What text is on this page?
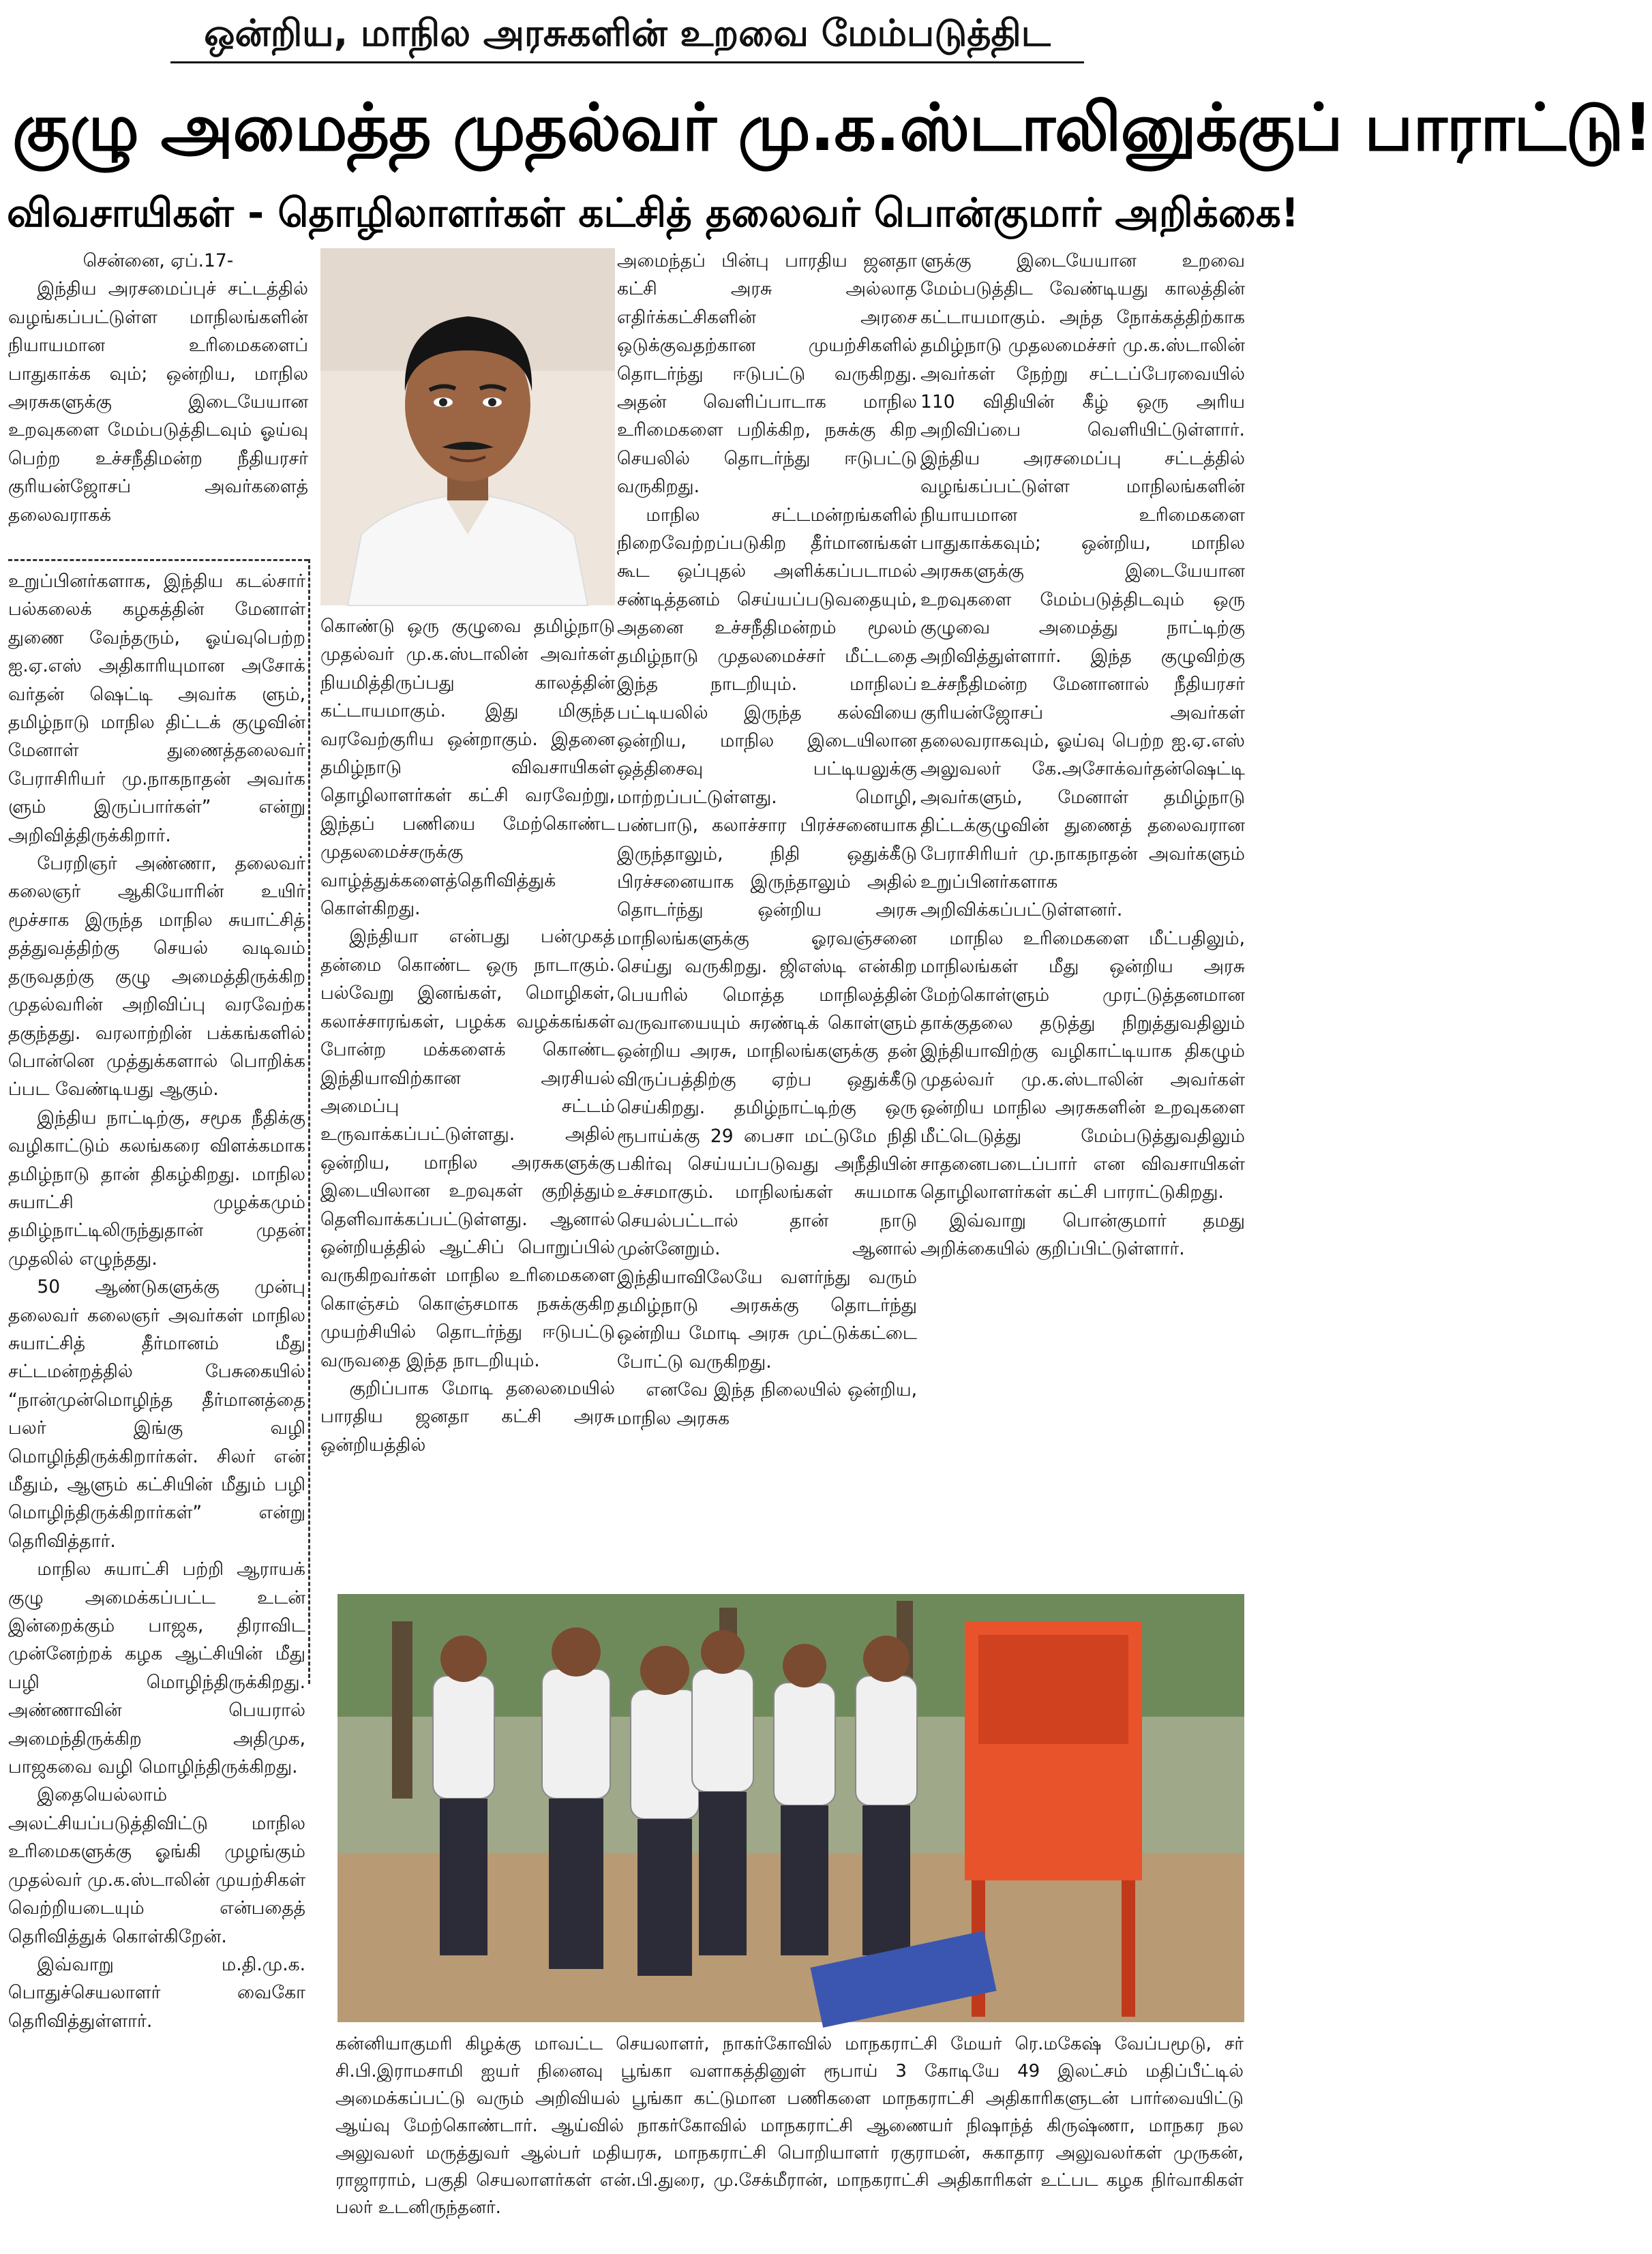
ஒன்றிய, மாநில அரசுகளின் உறவை மேம்படுத்திட
குழு அமைத்த முதல்வர் மு.க.ஸ்டாலினுக்குப் பாராட்டு!
விவசாயிகள் - தொழிலாளர்கள் கட்சித் தலைவர் பொன்குமார் அறிக்கை!

சென்னை, ஏப்.17-

இந்திய அரசமைப்புச் சட்டத்தில் வழங்கப்பட்டுள்ள மாநிலங்களின் நியாயமான உரிமைகளைப் பாதுகாக்க வும்; ஒன்றிய, மாநில அரசுகளுக்கு இடையேயான உறவுகளை மேம்படுத்திடவும் ஓய்வு பெற்ற உச்சநீதிமன்ற நீதியரசர் குரியன்ஜோசப் அவர்களைத் தலைவராகக்

உறுப்பினர்களாக, இந்திய கடல்சார் பல்கலைக் கழகத்தின் மேனாள் துணை வேந்தரும், ஓய்வுபெற்ற ஐ.ஏ.எஸ் அதிகாரியுமான அசோக் வர்தன் ஷெட்டி அவர்க ளும், தமிழ்நாடு மாநில திட்டக் குழுவின் மேனாள் துணைத்தலைவர் பேராசிரியர் மு.நாகநாதன் அவர்க ளும் இருப்பார்கள்” என்று அறிவித்திருக்கிறார்.

பேரறிஞர் அண்ணா, தலைவர் கலைஞர் ஆகியோரின் உயிர் மூச்சாக இருந்த மாநில சுயாட்சித் தத்துவத்திற்கு செயல் வடிவம் தருவதற்கு குழு அமைத்திருக்கிற முதல்வரின் அறிவிப்பு வரவேற்க தகுந்தது. வரலாற்றின் பக்கங்களில் பொன்னெ முத்துக்களால் பொறிக்க ப்பட வேண்டியது ஆகும்.

இந்திய நாட்டிற்கு, சமூக நீதிக்கு வழிகாட்டும் கலங்கரை விளக்கமாக தமிழ்நாடு தான் திகழ்கிறது. மாநில சுயாட்சி முழக்கமும் தமிழ்நாட்டிலிருந்துதான் முதன் முதலில் எழுந்தது.

50 ஆண்டுகளுக்கு முன்பு தலைவர் கலைஞர் அவர்கள் மாநில சுயாட்சித் தீர்மானம் மீது சட்டமன்றத்தில் பேசுகையில் “நான்முன்மொழிந்த தீர்மானத்தை பலர் இங்கு வழி மொழிந்திருக்கிறார்கள். சிலர் என் மீதும், ஆளும் கட்சியின் மீதும் பழி மொழிந்திருக்கிறார்கள்” என்று தெரிவித்தார்.

மாநில சுயாட்சி பற்றி ஆராயக் குழு அமைக்கப்பட்ட உடன் இன்றைக்கும் பாஜக, திராவிட முன்னேற்றக் கழக ஆட்சியின் மீது பழி மொழிந்திருக்கிறது. அண்ணாவின் பெயரால் அமைந்திருக்கிற அதிமுக, பாஜகவை வழி மொழிந்திருக்கிறது.

இதையெல்லாம் அலட்சியப்படுத்திவிட்டு மாநில உரிமைகளுக்கு ஓங்கி முழங்கும் முதல்வர் மு.க.ஸ்டாலின் முயற்சிகள் வெற்றியடையும் என்பதைத் தெரிவித்துக் கொள்கிறேன்.

இவ்வாறு ம.தி.மு.க. பொதுச்செயலாளர் வைகோ தெரிவித்துள்ளார்.

கொண்டு ஒரு குழுவை தமிழ்நாடு முதல்வர் மு.க.ஸ்டாலின் அவர்கள் நியமித்திருப்பது காலத்தின் கட்டாயமாகும். இது மிகுந்த வரவேற்குரிய ஒன்றாகும். இதனை தமிழ்நாடு விவசாயிகள் தொழிலாளர்கள் கட்சி வரவேற்று, இந்தப் பணியை மேற்கொண்ட முதலமைச்சருக்கு வாழ்த்துக்களைத்தெரிவித்துக் கொள்கிறது.

இந்தியா என்பது பன்முகத் தன்மை கொண்ட ஒரு நாடாகும். பல்வேறு இனங்கள், மொழிகள், கலாச்சாரங்கள், பழக்க வழக்கங்கள் போன்ற மக்களைக் கொண்ட இந்தியாவிற்கான அரசியல் அமைப்பு சட்டம் உருவாக்கப்பட்டுள்ளது. அதில் ஒன்றிய, மாநில அரசுகளுக்கு இடையிலான உறவுகள் குறித்தும் தெளிவாக்கப்பட்டுள்ளது. ஆனால் ஒன்றியத்தில் ஆட்சிப் பொறுப்பில் வருகிறவர்கள் மாநில உரிமைகளை கொஞ்சம் கொஞ்சமாக நசுக்குகிற முயற்சியில் தொடர்ந்து ஈடுபட்டு வருவதை இந்த நாடறியும்.

குறிப்பாக மோடி தலைமையில் பாரதிய ஜனதா கட்சி அரசு ஒன்றியத்தில்

அமைந்தப் பின்பு பாரதிய ஜனதா கட்சி அரசு அல்லாத எதிர்க்கட்சிகளின் அரசை ஒடுக்குவதற்கான முயற்சிகளில் தொடர்ந்து ஈடுபட்டு வருகிறது. அதன் வெளிப்பாடாக மாநில உரிமைகளை பறிக்கிற, நசுக்கு கிற செயலில் தொடர்ந்து ஈடுபட்டு வருகிறது.

மாநில சட்டமன்றங்களில் நிறைவேற்றப்படுகிற தீர்மானங்கள் கூட ஒப்புதல் அளிக்கப்படாமல் சண்டித்தனம் செய்யப்படுவதையும், அதனை உச்சநீதிமன்றம் மூலம் தமிழ்நாடு முதலமைச்சர் மீட்டதை இந்த நாடறியும். மாநிலப் பட்டியலில் இருந்த கல்வியை ஒன்றிய, மாநில இடையிலான ஒத்திசைவு பட்டியலுக்கு மாற்றப்பட்டுள்ளது. மொழி, பண்பாடு, கலாச்சார பிரச்சனையாக இருந்தாலும், நிதி ஒதுக்கீடு பிரச்சனையாக இருந்தாலும் அதில் தொடர்ந்து ஒன்றிய அரசு மாநிலங்களுக்கு ஓரவஞ்சனை செய்து வருகிறது. ஜிஎஸ்டி என்கிற பெயரில் மொத்த மாநிலத்தின் வருவாயையும் சுரண்டிக் கொள்ளும் ஒன்றிய அரசு, மாநிலங்களுக்கு தன் விருப்பத்திற்கு ஏற்ப ஒதுக்கீடு செய்கிறது. தமிழ்நாட்டிற்கு ஒரு ரூபாய்க்கு 29 பைசா மட்டுமே நிதி பகிர்வு செய்யப்படுவது அநீதியின் உச்சமாகும். மாநிலங்கள் சுயமாக செயல்பட்டால் தான் நாடு முன்னேறும். ஆனால் இந்தியாவிலேயே வளர்ந்து வரும் தமிழ்நாடு அரசுக்கு தொடர்ந்து ஒன்றிய மோடி அரசு முட்டுக்கட்டை போட்டு வருகிறது.

எனவே இந்த நிலையில் ஒன்றிய, மாநில அரசுக

ளுக்கு இடையேயான உறவை மேம்படுத்திட வேண்டியது காலத்தின் கட்டாயமாகும். அந்த நோக்கத்திற்காக தமிழ்நாடு முதலமைச்சர் மு.க.ஸ்டாலின் அவர்கள் நேற்று சட்டப்பேரவையில் 110 விதியின் கீழ் ஒரு அரிய அறிவிப்பை வெளியிட்டுள்ளார். இந்திய அரசமைப்பு சட்டத்தில் வழங்கப்பட்டுள்ள மாநிலங்களின் நியாயமான உரிமைகளை பாதுகாக்கவும்; ஒன்றிய, மாநில அரசுகளுக்கு இடையேயான உறவுகளை மேம்படுத்திடவும் ஒரு குழுவை அமைத்து நாட்டிற்கு அறிவித்துள்ளார். இந்த குழுவிற்கு உச்சநீதிமன்ற மேனானால் நீதியரசர் குரியன்ஜோசப் அவர்கள் தலைவராகவும், ஓய்வு பெற்ற ஐ.ஏ.எஸ் அலுவலர் கே.அசோக்வர்தன்ஷெட்டி அவர்களும், மேனாள் தமிழ்நாடு திட்டக்குழுவின் துணைத் தலைவரான பேராசிரியர் மு.நாகநாதன் அவர்களும் உறுப்பினர்களாக அறிவிக்கப்பட்டுள்ளனர்.

மாநில உரிமைகளை மீட்பதிலும், மாநிலங்கள் மீது ஒன்றிய அரசு மேற்கொள்ளும் முரட்டுத்தனமான தாக்குதலை தடுத்து நிறுத்துவதிலும் இந்தியாவிற்கு வழிகாட்டியாக திகழும் முதல்வர் மு.க.ஸ்டாலின் அவர்கள் ஒன்றிய மாநில அரசுகளின் உறவுகளை மீட்டெடுத்து மேம்படுத்துவதிலும் சாதனைபடைப்பார் என விவசாயிகள் தொழிலாளர்கள் கட்சி பாராட்டுகிறது.

இவ்வாறு பொன்குமார் தமது அறிக்கையில் குறிப்பிட்டுள்ளார்.

கன்னியாகுமரி கிழக்கு மாவட்ட செயலாளர், நாகர்கோவில் மாநகராட்சி மேயர் ரெ.மகேஷ் வேப்பமூடு, சர் சி.பி.இராமசாமி ஐயர் நினைவு பூங்கா வளாகத்தினுள் ரூபாய் 3 கோடியே 49 இலட்சம் மதிப்பீட்டில் அமைக்கப்பட்டு வரும் அறிவியல் பூங்கா கட்டுமான பணிகளை மாநகராட்சி அதிகாரிகளுடன் பார்வையிட்டு ஆய்வு மேற்கொண்டார். ஆய்வில் நாகர்கோவில் மாநகராட்சி ஆணையர் நிஷாந்த் கிருஷ்ணா, மாநகர நல அலுவலர் மருத்துவர் ஆல்பர் மதியரசு, மாநகராட்சி பொறியாளர் ரகுராமன், சுகாதார அலுவலர்கள் முருகன், ராஜாராம், பகுதி செயலாளர்கள் என்.பி.துரை, மு.சேக்மீரான், மாநகராட்சி அதிகாரிகள் உட்பட கழக நிர்வாகிகள் பலர் உடனிருந்தனர்.
